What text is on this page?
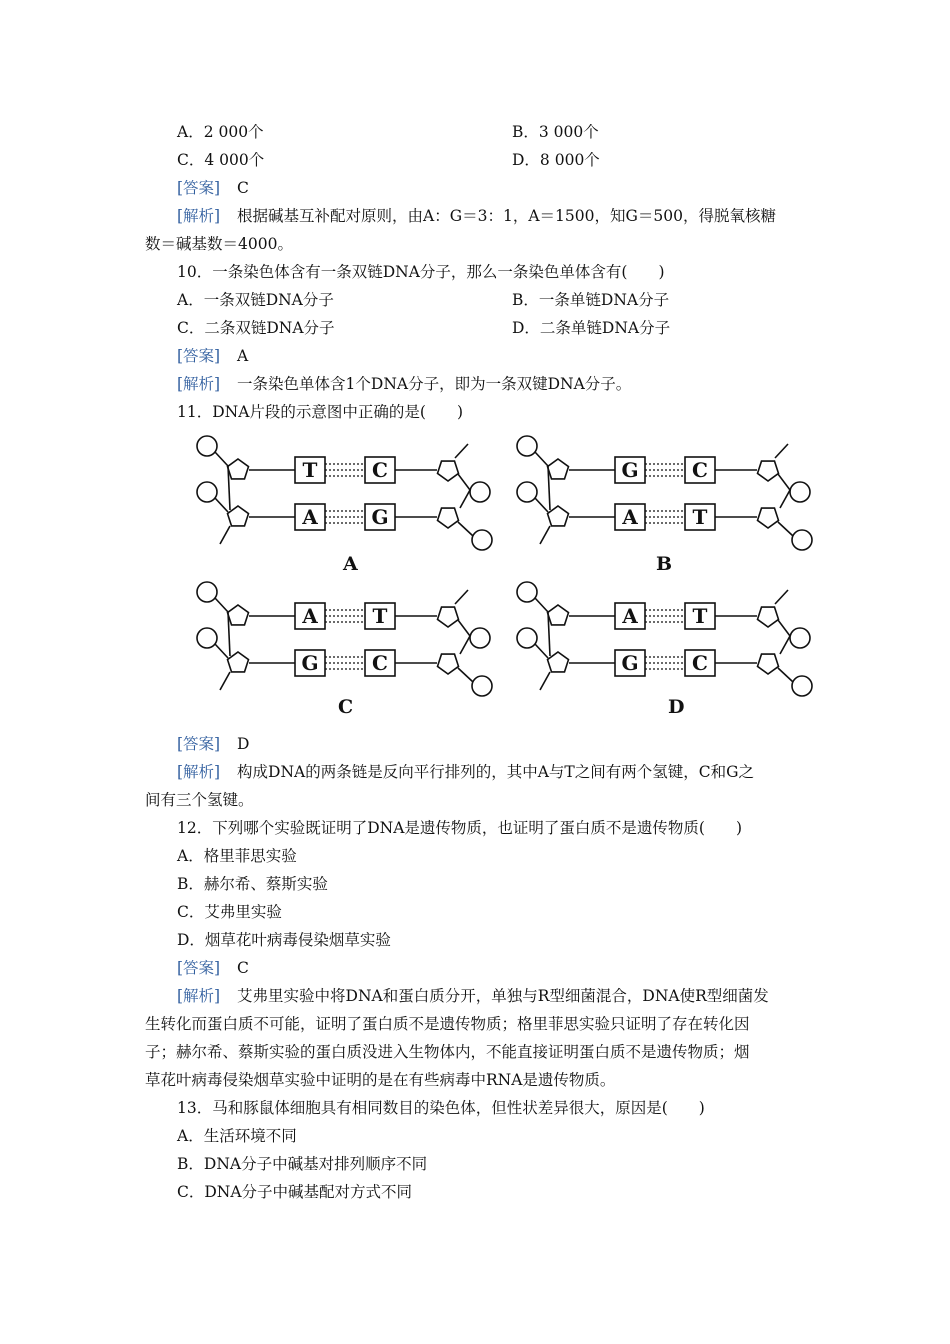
A．2 000个	B．3 000个
C．4 000个	D．8 000个
[答案] C
[解析] 根据碱基互补配对原则，由A：G＝3：1，A＝1500，知G＝500，得脱氧核糖
数＝碱基数＝4000。
10．一条染色体含有一条双链DNA分子，那么一条染色单体含有(　　)
A．一条双链DNA分子	B．一条单链DNA分子
C．二条双链DNA分子	D．二条单链DNA分子
[答案] A
[解析] 一条染色单体含1个DNA分子，即为一条双键DNA分子。
11．DNA片段的示意图中正确的是(　　)
T	C
A	G
A
G	C
A	T
B
A	T
G	C
C
A	T
G	C
D
[答案] D
[解析] 构成DNA的两条链是反向平行排列的，其中A与T之间有两个氢键，C和G之
间有三个氢键。
12．下列哪个实验既证明了DNA是遗传物质，也证明了蛋白质不是遗传物质(　　)
A．格里菲思实验
B．赫尔希、蔡斯实验
C．艾弗里实验
D．烟草花叶病毒侵染烟草实验
[答案] C
[解析] 艾弗里实验中将DNA和蛋白质分开，单独与R型细菌混合，DNA使R型细菌发
生转化而蛋白质不可能，证明了蛋白质不是遗传物质；格里菲思实验只证明了存在转化因
子；赫尔希、蔡斯实验的蛋白质没进入生物体内，不能直接证明蛋白质不是遗传物质；烟
草花叶病毒侵染烟草实验中证明的是在有些病毒中RNA是遗传物质。
13．马和豚鼠体细胞具有相同数目的染色体，但性状差异很大，原因是(　　)
A．生活环境不同
B．DNA分子中碱基对排列顺序不同
C．DNA分子中碱基配对方式不同
